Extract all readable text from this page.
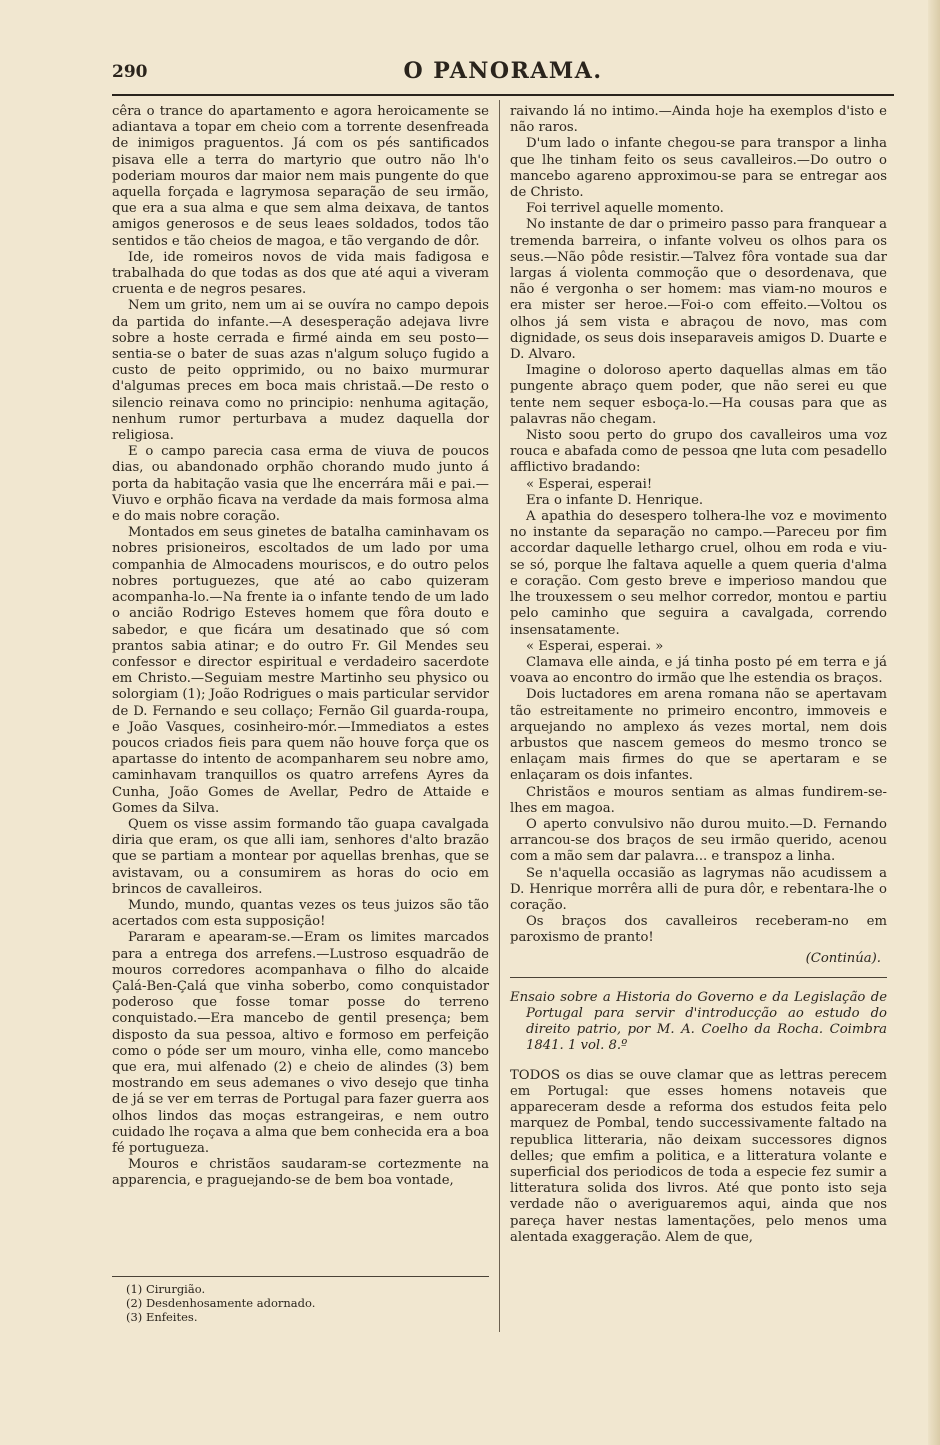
290	O PANORAMA.

cêra o trance do apartamento e agora heroicamente se adiantava a topar em cheio com a torrente desenfreada de inimigos praguentos. Já com os pés santificados pisava elle a terra do martyrio que outro não lh'o poderiam mouros dar maior nem mais pungente do que aquella forçada e lagrymosa separação de seu irmão, que era a sua alma e que sem alma deixava, de tantos amigos generosos e de seus leaes soldados, todos tão sentidos e tão cheios de magoa, e tão vergando de dôr.

Ide, ide romeiros novos de vida mais fadigosa e trabalhada do que todas as dos que até aqui a viveram cruenta e de negros pesares.

Nem um grito, nem um ai se ouvíra no campo depois da partida do infante.—A desesperação adejava livre sobre a hoste cerrada e firmé ainda em seu posto—sentia-se o bater de suas azas n'algum soluço fugido a custo de peito opprimido, ou no baixo murmurar d'algumas preces em boca mais christaã.—De resto o silencio reinava como no principio: nenhuma agitação, nenhum rumor perturbava a mudez daquella dor religiosa.

E o campo parecia casa erma de viuva de poucos dias, ou abandonado orphão chorando mudo junto á porta da habitação vasia que lhe encerrára mãi e pai.—Viuvo e orphão ficava na verdade da mais formosa alma e do mais nobre coração.

Montados em seus ginetes de batalha caminhavam os nobres prisioneiros, escoltados de um lado por uma companhia de Almocadens mouriscos, e do outro pelos nobres portuguezes, que até ao cabo quizeram acompanha-lo.—Na frente ia o infante tendo de um lado o ancião Rodrigo Esteves homem que fôra douto e sabedor, e que ficára um desatinado que só com prantos sabia atinar; e do outro Fr. Gil Mendes seu confessor e director espiritual e verdadeiro sacerdote em Christo.—Seguiam mestre Martinho seu physico ou solorgiam (1); João Rodrigues o mais particular servidor de D. Fernando e seu collaço; Fernão Gil guarda-roupa, e João Vasques, cosinheiro-mór.—Immediatos a estes poucos criados fieis para quem não houve força que os apartasse do intento de acompanharem seu nobre amo, caminhavam tranquillos os quatro arrefens Ayres da Cunha, João Gomes de Avellar, Pedro de Attaide e Gomes da Silva.

Quem os visse assim formando tão guapa cavalgada diria que eram, os que alli iam, senhores d'alto brazão que se partiam a montear por aquellas brenhas, que se avistavam, ou a consumirem as horas do ocio em brincos de cavalleiros.

Mundo, mundo, quantas vezes os teus juizos são tão acertados com esta supposição!

Pararam e apearam-se.—Eram os limites marcados para a entrega dos arrefens.—Lustroso esquadrão de mouros corredores acompanhava o filho do alcaide Çalá-Ben-Çalá que vinha soberbo, como conquistador poderoso que fosse tomar posse do terreno conquistado.—Era mancebo de gentil presença; bem disposto da sua pessoa, altivo e formoso em perfeição como o póde ser um mouro, vinha elle, como mancebo que era, mui alfenado (2) e cheio de alindes (3) bem mostrando em seus ademanes o vivo desejo que tinha de já se ver em terras de Portugal para fazer guerra aos olhos lindos das moças estrangeiras, e nem outro cuidado lhe roçava a alma que bem conhecida era a boa fé portugueza.

Mouros e christãos saudaram-se cortezmente na apparencia, e praguejando-se de bem boa vontade,

(1) Cirurgião.

(2) Desdenhosamente adornado.

(3) Enfeites.

raivando lá no intimo.—Ainda hoje ha exemplos d'isto e não raros.

D'um lado o infante chegou-se para transpor a linha que lhe tinham feito os seus cavalleiros.—Do outro o mancebo agareno approximou-se para se entregar aos de Christo.

Foi terrivel aquelle momento.

No instante de dar o primeiro passo para franquear a tremenda barreira, o infante volveu os olhos para os seus.—Não pôde resistir.—Talvez fôra vontade sua dar largas á violenta commoção que o desordenava, que não é vergonha o ser homem: mas viam-no mouros e era mister ser heroe.—Foi-o com effeito.—Voltou os olhos já sem vista e abraçou de novo, mas com dignidade, os seus dois inseparaveis amigos D. Duarte e D. Alvaro.

Imagine o doloroso aperto daquellas almas em tão pungente abraço quem poder, que não serei eu que tente nem sequer esboça-lo.—Ha cousas para que as palavras não chegam.

Nisto soou perto do grupo dos cavalleiros uma voz rouca e abafada como de pessoa qne luta com pesadello afflictivo bradando:

« Esperai, esperai!

Era o infante D. Henrique.

A apathia do desespero tolhera-lhe voz e movimento no instante da separação no campo.—Pareceu por fim accordar daquelle lethargo cruel, olhou em roda e viu-se só, porque lhe faltava aquelle a quem queria d'alma e coração. Com gesto breve e imperioso mandou que lhe trouxessem o seu melhor corredor, montou e partiu pelo caminho que seguira a cavalgada, correndo insensatamente.

« Esperai, esperai. »

Clamava elle ainda, e já tinha posto pé em terra e já voava ao encontro do irmão que lhe estendia os braços.

Dois luctadores em arena romana não se apertavam tão estreitamente no primeiro encontro, immoveis e arquejando no amplexo ás vezes mortal, nem dois arbustos que nascem gemeos do mesmo tronco se enlaçam mais firmes do que se apertaram e se enlaçaram os dois infantes.

Christãos e mouros sentiam as almas fundirem-se-lhes em magoa.

O aperto convulsivo não durou muito.—D. Fernando arrancou-se dos braços de seu irmão querido, acenou com a mão sem dar palavra... e transpoz a linha.

Se n'aquella occasião as lagrymas não acudissem a D. Henrique morrêra alli de pura dôr, e rebentara-lhe o coração.

Os braços dos cavalleiros receberam-no em paroxismo de pranto!

(Continúa).

Ensaio sobre a Historia do Governo e da Legislação de Portugal para servir d'introducção ao estudo do direito patrio, por M. A. Coelho da Rocha. Coimbra 1841. 1 vol. 8.º

TODOS os dias se ouve clamar que as lettras perecem em Portugal: que esses homens notaveis que appareceram desde a reforma dos estudos feita pelo marquez de Pombal, tendo successivamente faltado na republica litteraria, não deixam successores dignos delles; que emfim a politica, e a litteratura volante e superficial dos periodicos de toda a especie fez sumir a litteratura solida dos livros. Até que ponto isto seja verdade não o averiguaremos aqui, ainda que nos pareça haver nestas lamentações, pelo menos uma alentada exaggeração. Alem de que,
